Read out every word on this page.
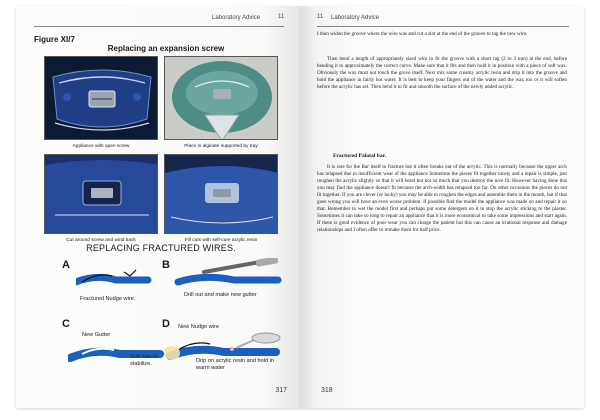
Laboratory Advice	11
Figure XI/7
Replacing an expansion screw
Appliance with open screw	Place in alginate supported by tray
Cut around screw and wind back	Fill cuts with self-cure acrylic resin
REPLACING FRACTURED WIRES.
A
Fractured Nudge wire.
B
Drill out and make new gutter
C
New Gutter
D New Nudge wire
Soft wax to stabilize.	Drip on acrylic resin and hold in warm water
317
11 Laboratory Advice
I then widen the groove where the wire was and cut a slot at the end of the groove to tag the new wire.
Then bend a length of appropriately sized wire to fit the groove with a short tag (2 to 3 mm) at the end, before bending it to approximately the correct curve. Make sure that it fits and then hold it in position with a piece of soft wax. Obviously the wax must not touch the grove itself. Next mix some creamy acrylic resin and drip it into the groove and hold the appliance in fairly hot water. It is best to keep your fingers out of the water and the wax too or it will soften before the acrylic has set. Then bend it to fit and smooth the surface of the newly added acrylic.
Fractured Palatal bar.
It is rare for the Bar itself to fracture but it often breaks out of the acrylic. This is normally because the upper arch has relapsed due to insufficient wear of the appliance Sometime the pieces fit together nicely and a repair is simple, just roughen the acrylic slightly so that it will bond but not so much that you destroy the nice fit. However having done this you may find the appliance doesn't fit because the arch-width has relapsed too far. On other occasions the pieces do not fit together. If you are clever (or lucky) you may be able to roughen the edges and assemble them in the mouth, but if that goes wrong you will have an even worse problem. If possible find the model the appliance was made on and repair it on that. Remember to wet the model first and perhaps put some detergent on it to stop the acrylic sticking to the plaster. Sometimes it can take so long to repair an appliance that it is more economical to take some impressions and start again. If there is good evidence of poor wear you can charge the patient but this can cause an irrational response and damage relationships and I often offer to remake them for half price.
318
